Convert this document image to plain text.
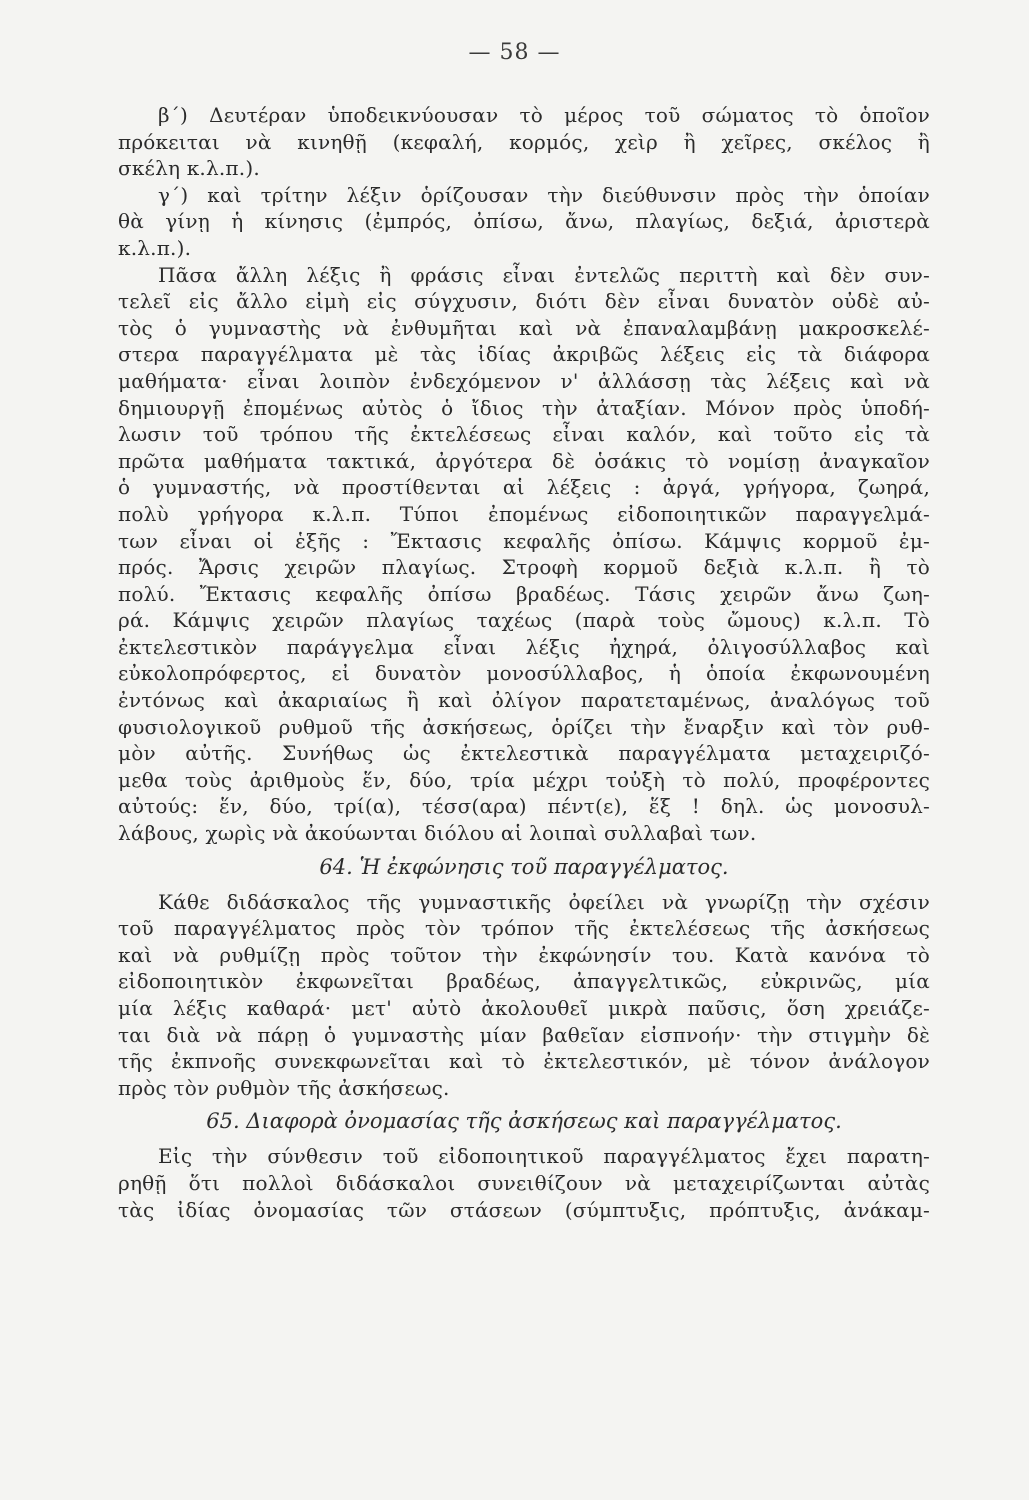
— 58 —
β΄) Δευτέραν ὑποδεικνύουσαν τὸ μέρος τοῦ σώματος τὸ ὁποῖον
πρόκειται νὰ κινηθῇ (κεφαλή, κορμός, χεὶρ ἢ χεῖρες, σκέλος ἢ
σκέλη κ.λ.π.).
γ΄) καὶ τρίτην λέξιν ὁρίζουσαν τὴν διεύθυνσιν πρὸς τὴν ὁποίαν
θὰ γίνῃ ἡ κίνησις (ἐμπρός, ὀπίσω, ἄνω, πλαγίως, δεξιά, ἀριστερὰ
κ.λ.π.).
Πᾶσα ἄλλη λέξις ἢ φράσις εἶναι ἐντελῶς περιττὴ καὶ δὲν συν-
τελεῖ εἰς ἄλλο εἰμὴ εἰς σύγχυσιν, διότι δὲν εἶναι δυνατὸν οὐδὲ αὐ-
τὸς ὁ γυμναστὴς νὰ ἐνθυμῆται καὶ νὰ ἐπαναλαμβάνῃ μακροσκελέ-
στερα παραγγέλματα μὲ τὰς ἰδίας ἀκριβῶς λέξεις εἰς τὰ διάφορα
μαθήματα· εἶναι λοιπὸν ἐνδεχόμενον ν' ἀλλάσσῃ τὰς λέξεις καὶ νὰ
δημιουργῇ ἐπομένως αὐτὸς ὁ ἴδιος τὴν ἀταξίαν. Μόνον πρὸς ὑποδή-
λωσιν τοῦ τρόπου τῆς ἐκτελέσεως εἶναι καλόν, καὶ τοῦτο εἰς τὰ
πρῶτα μαθήματα τακτικά, ἀργότερα δὲ ὁσάκις τὸ νομίσῃ ἀναγκαῖον
ὁ γυμναστής, νὰ προστίθενται αἱ λέξεις : ἀργά, γρήγορα, ζωηρά,
πολὺ γρήγορα κ.λ.π. Τύποι ἐπομένως εἰδοποιητικῶν παραγγελμά-
των εἶναι οἱ ἑξῆς : Ἔκτασις κεφαλῆς ὀπίσω. Κάμψις κορμοῦ ἐμ-
πρός. Ἄρσις χειρῶν πλαγίως. Στροφὴ κορμοῦ δεξιὰ κ.λ.π. ἢ τὸ
πολύ. Ἔκτασις κεφαλῆς ὀπίσω βραδέως. Τάσις χειρῶν ἄνω ζωη-
ρά. Κάμψις χειρῶν πλαγίως ταχέως (παρὰ τοὺς ὤμους) κ.λ.π. Τὸ
ἐκτελεστικὸν παράγγελμα εἶναι λέξις ἠχηρά, ὀλιγοσύλλαβος καὶ
εὐκολοπρόφερτος, εἰ δυνατὸν μονοσύλλαβος, ἡ ὁποία ἐκφωνουμένη
ἐντόνως καὶ ἀκαριαίως ἢ καὶ ὀλίγον παρατεταμένως, ἀναλόγως τοῦ
φυσιολογικοῦ ρυθμοῦ τῆς ἀσκήσεως, ὁρίζει τὴν ἔναρξιν καὶ τὸν ρυθ-
μὸν αὐτῆς. Συνήθως ὡς ἐκτελεστικὰ παραγγέλματα μεταχειριζό-
μεθα τοὺς ἀριθμοὺς ἕν, δύο, τρία μέχρι τοὐξὴ τὸ πολύ, προφέροντες
αὐτούς: ἕν, δύο, τρί(α), τέσσ(αρα) πέντ(ε), ἕξ ! δηλ. ὡς μονοσυλ-
λάβους, χωρὶς νὰ ἀκούωνται διόλου αἱ λοιπαὶ συλλαβαὶ των.
64. Ἡ ἐκφώνησις τοῦ παραγγέλματος.
Κάθε διδάσκαλος τῆς γυμναστικῆς ὀφείλει νὰ γνωρίζῃ τὴν σχέσιν
τοῦ παραγγέλματος πρὸς τὸν τρόπον τῆς ἐκτελέσεως τῆς ἀσκήσεως
καὶ νὰ ρυθμίζῃ πρὸς τοῦτον τὴν ἐκφώνησίν του. Κατὰ κανόνα τὸ
εἰδοποιητικὸν ἐκφωνεῖται βραδέως, ἀπαγγελτικῶς, εὐκρινῶς, μία
μία λέξις καθαρά· μετ' αὐτὸ ἀκολουθεῖ μικρὰ παῦσις, ὅση χρειάζε-
ται διὰ νὰ πάρῃ ὁ γυμναστὴς μίαν βαθεῖαν εἰσπνοήν· τὴν στιγμὴν δὲ
τῆς ἐκπνοῆς συνεκφωνεῖται καὶ τὸ ἐκτελεστικόν, μὲ τόνον ἀνάλογον
πρὸς τὸν ρυθμὸν τῆς ἀσκήσεως.
65. Διαφορὰ ὀνομασίας τῆς ἀσκήσεως καὶ παραγγέλματος.
Εἰς τὴν σύνθεσιν τοῦ εἰδοποιητικοῦ παραγγέλματος ἔχει παρατη-
ρηθῇ ὅτι πολλοὶ διδάσκαλοι συνειθίζουν νὰ μεταχειρίζωνται αὐτὰς
τὰς ἰδίας ὀνομασίας τῶν στάσεων (σύμπτυξις, πρόπτυξις, ἀνάκαμ-
